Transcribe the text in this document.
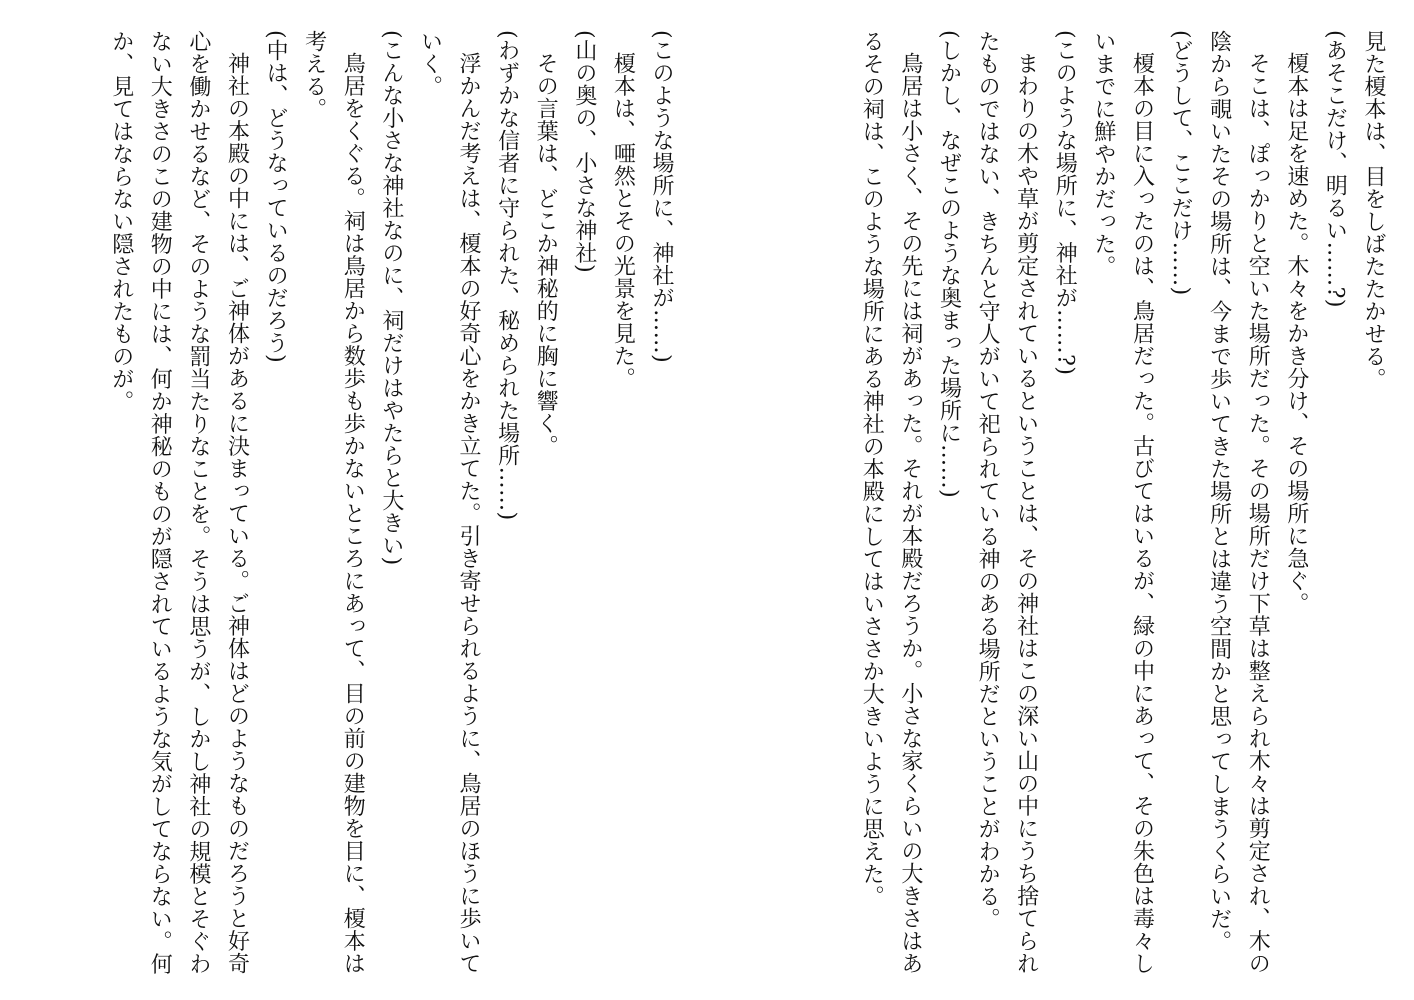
見た榎本は、目をしばたたかせる。

(あそこだけ、明るい……?)

榎本は足を速めた。木々をかき分け、その場所に急ぐ。

そこは、ぽっかりと空いた場所だった。その場所だけ下草は整えられ木々は剪定され、木の陰から覗いたその場所は、今まで歩いてきた場所とは違う空間かと思ってしまうくらいだ。

(どうして、ここだけ……)

榎本の目に入ったのは、鳥居だった。古びてはいるが、緑の中にあって、その朱色は毒々しいまでに鮮やかだった。

(このような場所に、神社が……?)

まわりの木や草が剪定されているということは、その神社はこの深い山の中にうち捨てられたものではない、きちんと守人がいて祀られている神のある場所だということがわかる。

(しかし、なぜこのような奥まった場所に……)

鳥居は小さく、その先には祠があった。それが本殿だろうか。小さな家くらいの大きさはあるその祠は、このような場所にある神社の本殿にしてはいささか大きいように思えた。

(このような場所に、神社が……)

榎本は、唖然とその光景を見た。

(山の奥の、小さな神社)

その言葉は、どこか神秘的に胸に響く。

(わずかな信者に守られた、秘められた場所……)

浮かんだ考えは、榎本の好奇心をかき立てた。引き寄せられるように、鳥居のほうに歩いていく。

(こんな小さな神社なのに、祠だけはやたらと大きい)

鳥居をくぐる。祠は鳥居から数歩も歩かないところにあって、目の前の建物を目に、榎本は考える。

(中は、どうなっているのだろう)

神社の本殿の中には、ご神体があるに決まっている。ご神体はどのようなものだろうと好奇心を働かせるなど、そのような罰当たりなことを。そうは思うが、しかし神社の規模とそぐわない大きさのこの建物の中には、何か神秘のものが隠されているような気がしてならない。何か、見てはならない隠されたものが。
